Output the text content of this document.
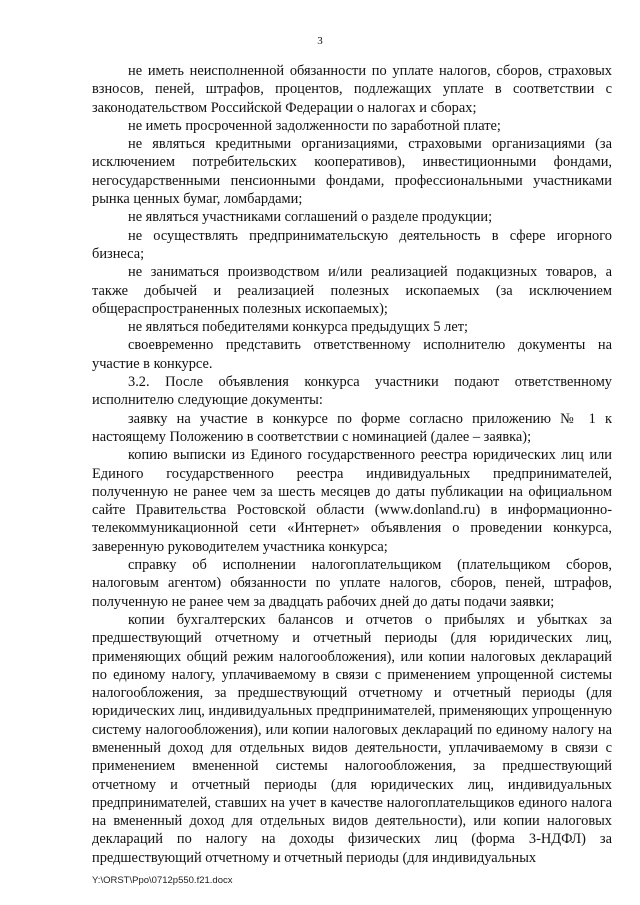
3

не иметь неисполненной обязанности по уплате налогов, сборов, страховых взносов, пеней, штрафов, процентов, подлежащих уплате в соответствии с законодательством Российской Федерации о налогах и сборах;

не иметь просроченной задолженности по заработной плате;

не являться кредитными организациями, страховыми организациями (за исключением потребительских кооперативов), инвестиционными фондами, негосударственными пенсионными фондами, профессиональными участниками рынка ценных бумаг, ломбардами;

не являться участниками соглашений о разделе продукции;

не осуществлять предпринимательскую деятельность в сфере игорного бизнеса;

не заниматься производством и/или реализацией подакцизных товаров, а также добычей и реализацией полезных ископаемых (за исключением общераспространенных полезных ископаемых);

не являться победителями конкурса предыдущих 5 лет;

своевременно представить ответственному исполнителю документы на участие в конкурсе.

3.2. После объявления конкурса участники подают ответственному исполнителю следующие документы:

заявку на участие в конкурсе по форме согласно приложению № 1 к настоящему Положению в соответствии с номинацией (далее – заявка);

копию выписки из Единого государственного реестра юридических лиц или Единого государственного реестра индивидуальных предпринимателей, полученную не ранее чем за шесть месяцев до даты публикации на официальном сайте Правительства Ростовской области (www.donland.ru) в информационно-телекоммуникационной сети «Интернет» объявления о проведении конкурса, заверенную руководителем участника конкурса;

справку об исполнении налогоплательщиком (плательщиком сборов, налоговым агентом) обязанности по уплате налогов, сборов, пеней, штрафов, полученную не ранее чем за двадцать рабочих дней до даты подачи заявки;

копии бухгалтерских балансов и отчетов о прибылях и убытках за предшествующий отчетному и отчетный периоды (для юридических лиц, применяющих общий режим налогообложения), или копии налоговых деклараций по единому налогу, уплачиваемому в связи с применением упрощенной системы налогообложения, за предшествующий отчетному и отчетный периоды (для юридических лиц, индивидуальных предпринимателей, применяющих упрощенную систему налогообложения), или копии налоговых деклараций по единому налогу на вмененный доход для отдельных видов деятельности, уплачиваемому в связи с применением вмененной системы налогообложения, за предшествующий отчетному и отчетный периоды (для юридических лиц, индивидуальных предпринимателей, ставших на учет в качестве налогоплательщиков единого налога на вмененный доход для отдельных видов деятельности), или копии налоговых деклараций по налогу на доходы физических лиц (форма 3-НДФЛ) за предшествующий отчетному и отчетный периоды (для индивидуальных

Y:\ORST\Ppo\0712p550.f21.docx
